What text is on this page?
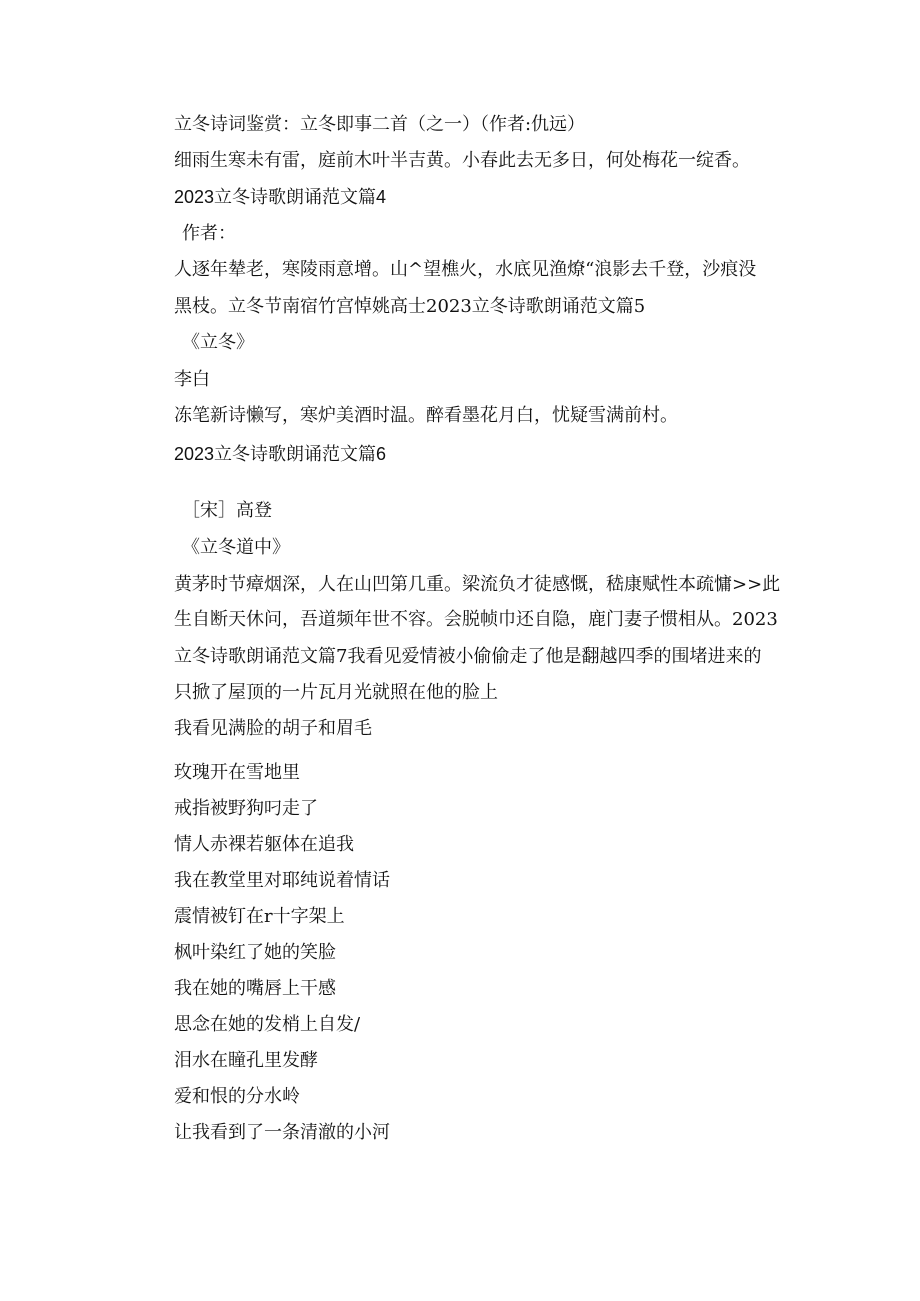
立冬诗词鉴赏：立冬即事二首（之一）（作者:仇远）
细雨生寒未有雷，庭前木叶半吉黄。小春此去无多日，何处梅花一绽香。
2023立冬诗歌朗诵范文篇4
作者：
人逐年辇老，寒陵雨意增。山^望樵火，水底见渔燎“浪影去千登，沙痕没
黑枝。立冬节南宿竹宫悼姚高士2023立冬诗歌朗诵范文篇5
《立冬》
李白
冻笔新诗懒写，寒炉美酒时温。醉看墨花月白，忧疑雪满前村。
2023立冬诗歌朗诵范文篇6
［宋］高登
《立冬道中》
黄茅时节瘴烟深，人在山凹第几重。梁流负才徒感慨，嵇康赋性本疏慵>>此
生自断天休问，吾道频年世不容。会脱帧巾还自隐，鹿门妻子惯相从。2023
立冬诗歌朗诵范文篇7我看见爱情被小偷偷走了他是翻越四季的围堵进来的
只掀了屋顶的一片瓦月光就照在他的脸上
我看见满脸的胡子和眉毛
玫瑰开在雪地里
戒指被野狗叼走了
情人赤裸若躯体在追我
我在教堂里对耶纯说着情话
震情被钉在r十字架上
枫叶染红了她的笑脸
我在她的嘴唇上干感
思念在她的发梢上自发/
泪水在瞳孔里发酵
爱和恨的分水岭
让我看到了一条清澈的小河
